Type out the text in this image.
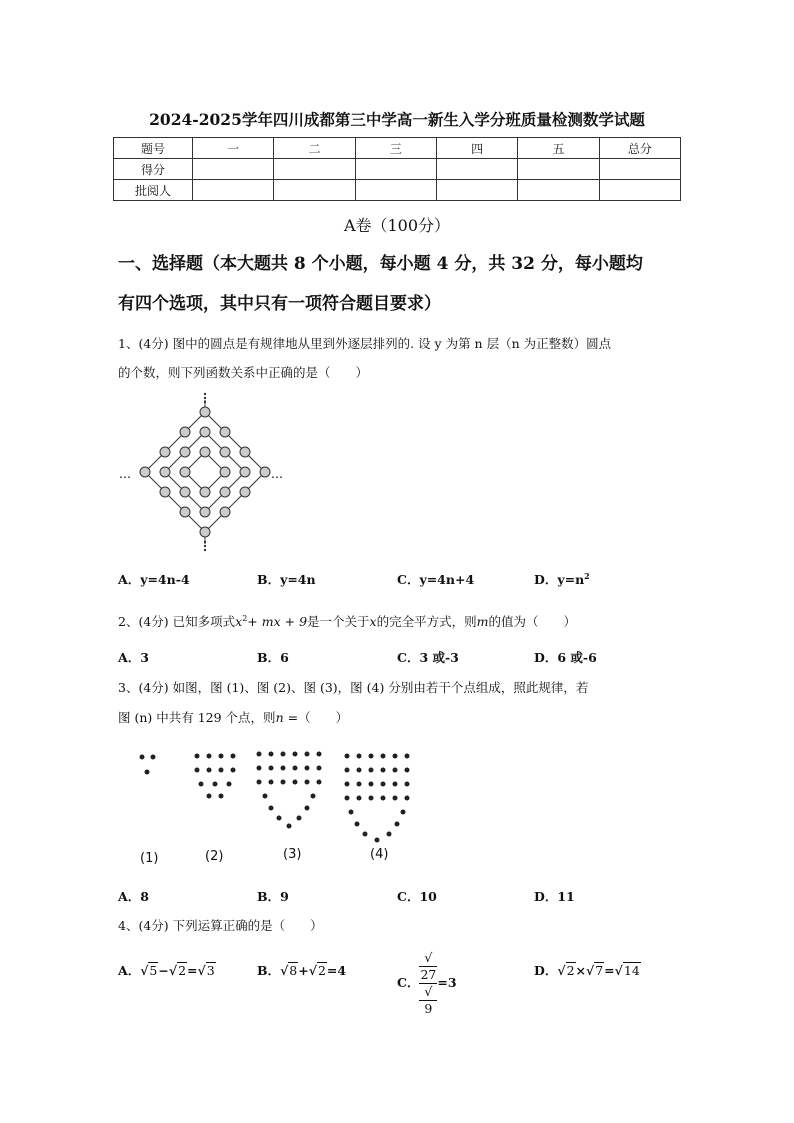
2024-2025学年四川成都第三中学高一新生入学分班质量检测数学试题
题号	一	二	三	四	五	总分
得分						
批阅人						
A卷（100分）
一、选择题（本大题共 8 个小题，每小题 4 分，共 32 分，每小题均
有四个选项，其中只有一项符合题目要求）
1、(4分) 图中的圆点是有规律地从里到外逐层排列的. 设 y 为第 n 层（n 为正整数）圆点
的个数，则下列函数关系中正确的是（　　）
…	…
A．y=4n-4	B．y=4n	C．y=4n+4	D．$y=n^2$
2、(4分) 已知多项式$x^2+$ mx + 9是一个关于x的完全平方式，则m的值为（　　）
A．3	B．6	C．3 或-3	D．6 或-6
3、(4分) 如图，图 (1)、图 (2)、图 (3)，图 (4) 分别由若干个点组成，照此规律，若
图 (n) 中共有 129 个点，则n =（　　）
(1)	(2)	(3)	(4)
A．8	B．9	C．10	D．11
4、(4分) 下列运算正确的是（　　）
A．√5−√2=√3	B．√8+√2=4
C． √
27
√
9 =3
D．√2×√7=√14
